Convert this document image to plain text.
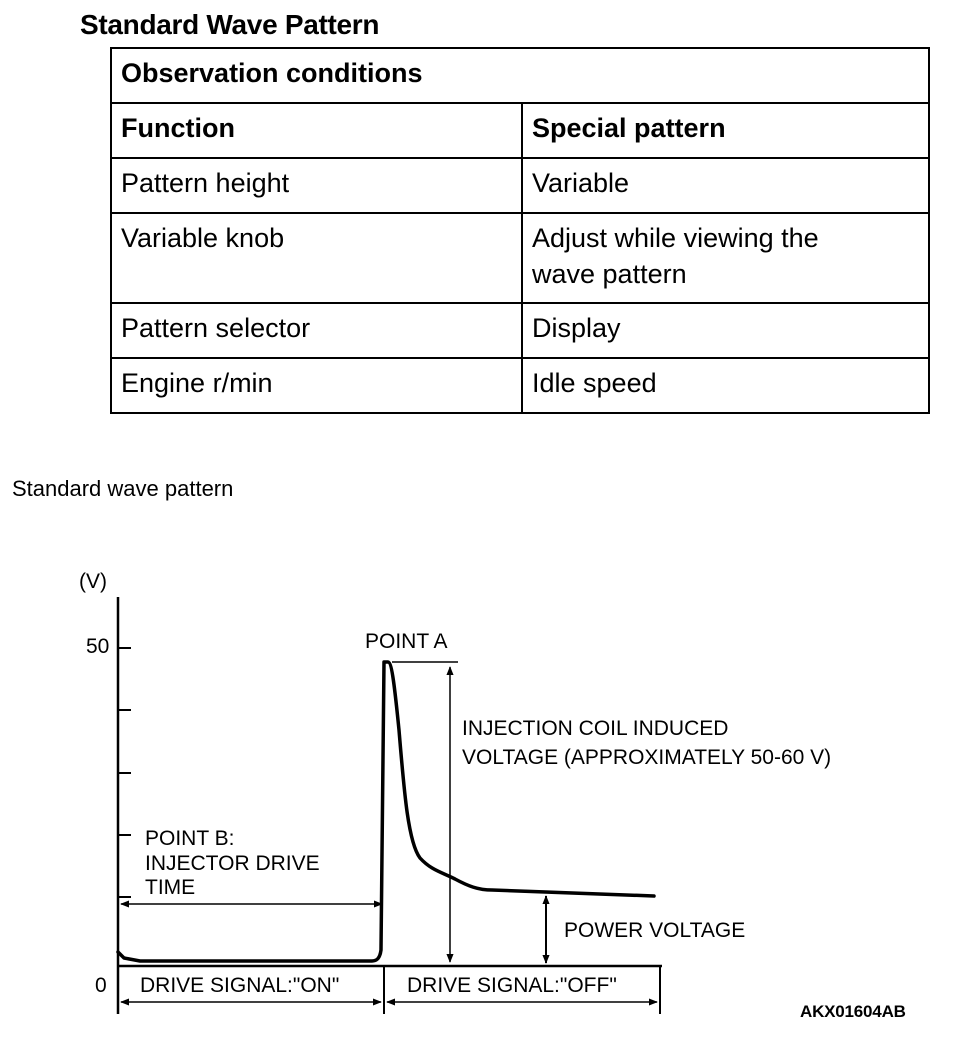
Standard Wave Pattern
Observation conditions	
Function	Special pattern
Pattern height	Variable
Variable knob	Adjust while viewing the wave pattern
Pattern selector	Display
Engine r/min	Idle speed
Standard wave pattern
(V)
50
0
POINT A
INJECTION COIL INDUCED
VOLTAGE (APPROXIMATELY 50-60 V)
POINT B:
INJECTOR DRIVE
TIME
POWER VOLTAGE
DRIVE SIGNAL:"ON"	DRIVE SIGNAL:"OFF"
AKX01604AB
